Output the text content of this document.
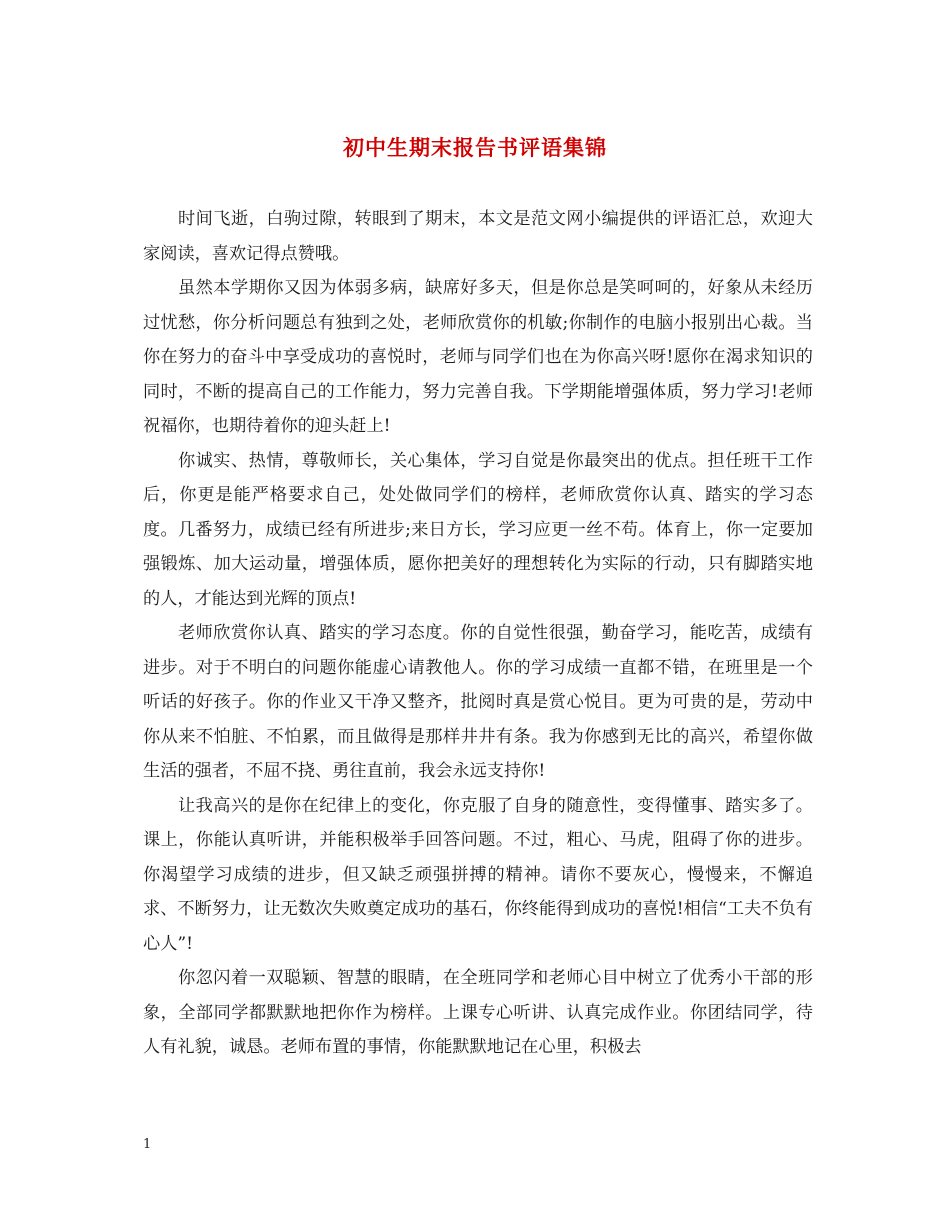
初中生期末报告书评语集锦

时间飞逝，白驹过隙，转眼到了期末，本文是范文网小编提供的评语汇总，欢迎大家阅读，喜欢记得点赞哦。

虽然本学期你又因为体弱多病，缺席好多天，但是你总是笑呵呵的，好象从未经历过忧愁，你分析问题总有独到之处，老师欣赏你的机敏;你制作的电脑小报别出心裁。当你在努力的奋斗中享受成功的喜悦时，老师与同学们也在为你高兴呀!愿你在渴求知识的同时，不断的提高自己的工作能力，努力完善自我。下学期能增强体质，努力学习!老师祝福你，也期待着你的迎头赶上!

你诚实、热情，尊敬师长，关心集体，学习自觉是你最突出的优点。担任班干工作后，你更是能严格要求自己，处处做同学们的榜样，老师欣赏你认真、踏实的学习态度。几番努力，成绩已经有所进步;来日方长，学习应更一丝不苟。体育上，你一定要加强锻炼、加大运动量，增强体质，愿你把美好的理想转化为实际的行动，只有脚踏实地的人，才能达到光辉的顶点!

老师欣赏你认真、踏实的学习态度。你的自觉性很强，勤奋学习，能吃苦，成绩有进步。对于不明白的问题你能虚心请教他人。你的学习成绩一直都不错，在班里是一个听话的好孩子。你的作业又干净又整齐，批阅时真是赏心悦目。更为可贵的是，劳动中你从来不怕脏、不怕累，而且做得是那样井井有条。我为你感到无比的高兴，希望你做生活的强者，不屈不挠、勇往直前，我会永远支持你!

让我高兴的是你在纪律上的变化，你克服了自身的随意性，变得懂事、踏实多了。课上，你能认真听讲，并能积极举手回答问题。不过，粗心、马虎，阻碍了你的进步。你渴望学习成绩的进步，但又缺乏顽强拼搏的精神。请你不要灰心，慢慢来，不懈追求、不断努力，让无数次失败奠定成功的基石，你终能得到成功的喜悦!相信“工夫不负有心人”!

你忽闪着一双聪颖、智慧的眼睛，在全班同学和老师心目中树立了优秀小干部的形象，全部同学都默默地把你作为榜样。上课专心听讲、认真完成作业。你团结同学，待人有礼貌，诚恳。老师布置的事情，你能默默地记在心里，积极去

1
